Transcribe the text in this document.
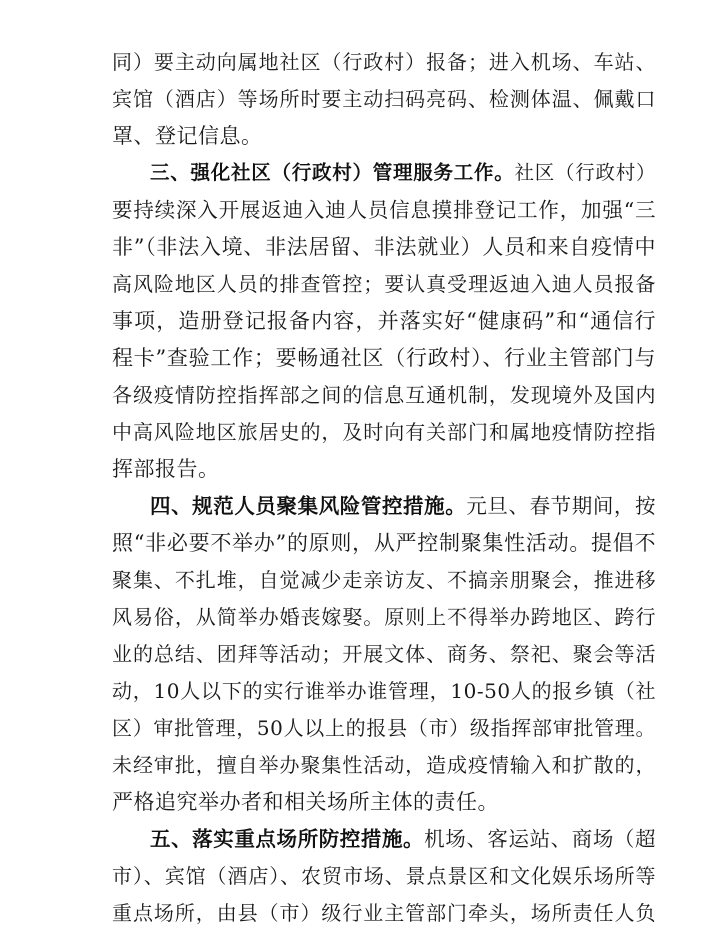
同）要主动向属地社区（行政村）报备；进入机场、车站、
宾馆（酒店）等场所时要主动扫码亮码、检测体温、佩戴口
罩、登记信息。
三、强化社区（行政村）管理服务工作。社区（行政村）
要持续深入开展返迪入迪人员信息摸排登记工作，加强“三
非”（非法入境、非法居留、非法就业）人员和来自疫情中
高风险地区人员的排查管控；要认真受理返迪入迪人员报备
事项，造册登记报备内容，并落实好“健康码”和“通信行
程卡”查验工作；要畅通社区（行政村）、行业主管部门与
各级疫情防控指挥部之间的信息互通机制，发现境外及国内
中高风险地区旅居史的，及时向有关部门和属地疫情防控指
挥部报告。
四、规范人员聚集风险管控措施。元旦、春节期间，按
照“非必要不举办”的原则，从严控制聚集性活动。提倡不
聚集、不扎堆，自觉减少走亲访友、不搞亲朋聚会，推进移
风易俗，从简举办婚丧嫁娶。原则上不得举办跨地区、跨行
业的总结、团拜等活动；开展文体、商务、祭祀、聚会等活
动，10人以下的实行谁举办谁管理，10-50人的报乡镇（社
区）审批管理，50人以上的报县（市）级指挥部审批管理。
未经审批，擅自举办聚集性活动，造成疫情输入和扩散的，
严格追究举办者和相关场所主体的责任。
五、落实重点场所防控措施。机场、客运站、商场（超
市）、宾馆（酒店）、农贸市场、景点景区和文化娱乐场所等
重点场所，由县（市）级行业主管部门牵头，场所责任人负
